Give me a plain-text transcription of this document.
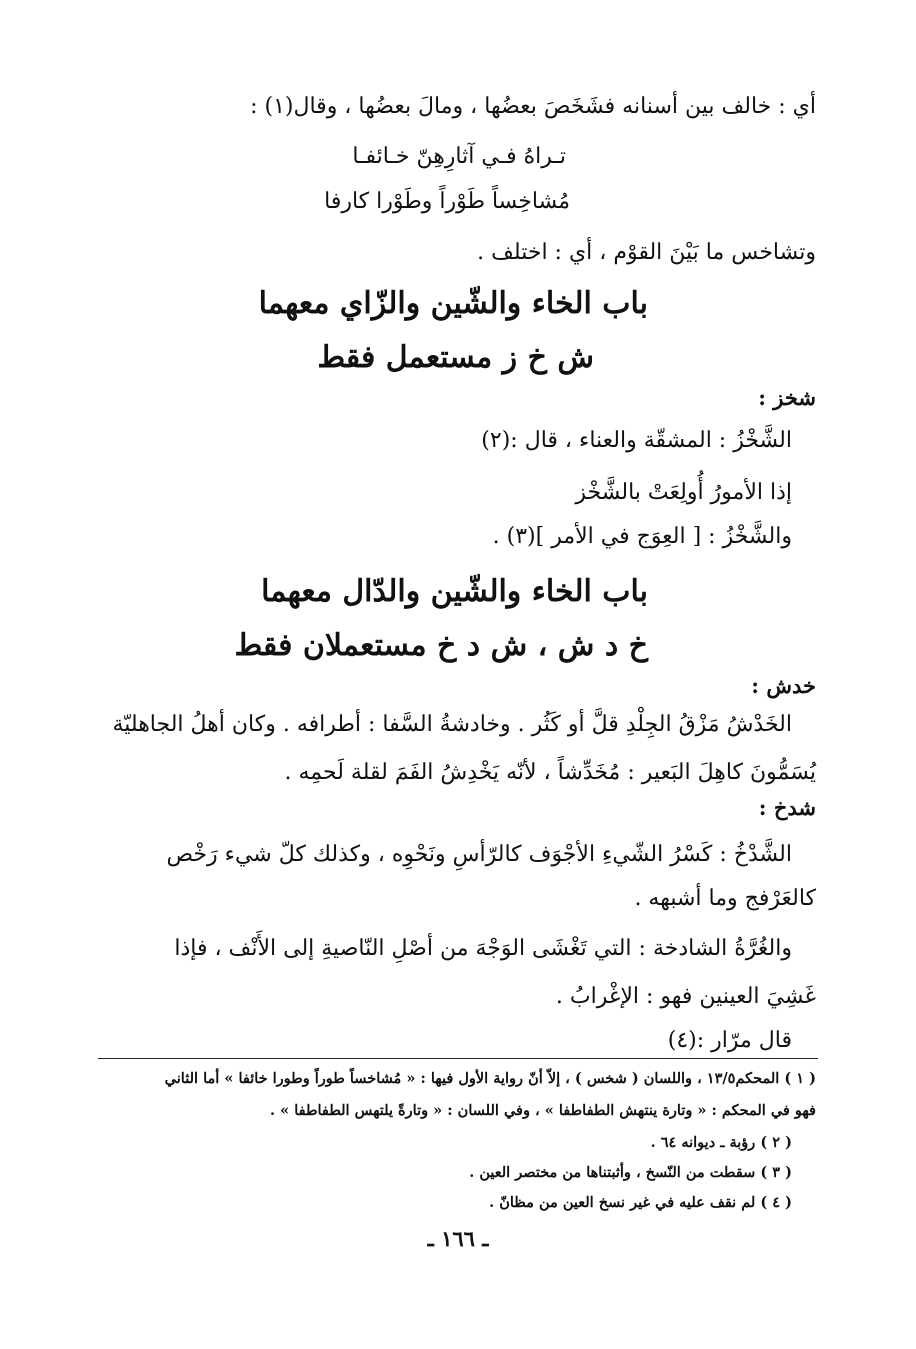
أي : خالف بين أسنانه فشَخَصَ بعضُها ، ومالَ بعضُها ، وقال(١) :
تـراهُ فـي آثارِهِنّ خـائفـا
مُشاخِساً طَوْراً وطَوْرا كارفا
وتشاخس ما بَيْنَ القوْم ، أي : اختلف .
باب الخاء والشّين والزّاي معهما
ش خ ز مستعمل فقط
شخز :
الشَّخْزُ : المشقّة والعناء ، قال :(٢)
إذا الأمورُ أُولِعَتْ بالشَّخْز
والشَّخْزُ : [ العِوَج في الأمر ](٣) .
باب الخاء والشّين والدّال معهما
خ د ش ، ش د خ مستعملان فقط
خدش :
الخَدْشُ مَزْقُ الجِلْدِ قلَّ أو كَثُر . وخادشةُ السَّفا : أطرافه . وكان أهلُ الجاهليّة
يُسَمُّونَ كاهِلَ البَعير : مُخَدِّشاً ، لأنّه يَخْدِشُ الفَمَ لقلة لَحمِه .
شدخ :
الشَّدْخُ : كَسْرُ الشّيءِ الأجْوَف كالرّأسِ ونَحْوِه ، وكذلك كلّ شيء رَخْص
كالعَرْفج وما أشبهه .
والغُرَّةُ الشادخة : التي تَغْشَى الوَجْهَ من أصْلِ النّاصيةِ إلى الأَنْف ، فإذا
غَشِيَ العينين فهو : الإغْرابُ .
قال مرّار :(٤)
( ١ ) المحكم١٣/٥ ، واللسان ( شخس ) ، إلاّ أنّ رواية الأول فيها : « مُشاخساً طوراً وطورا خائفا » أما الثاني
فهو في المحكم : « وتارة ينتهش الطفاطفا » ، وفي اللسان : « وتارةً يلتهس الطفاطفا » .
( ٢ ) رؤبة ـ ديوانه ٦٤ .
( ٣ ) سقطت من النّسخ ، وأثبتناها من مختصر العين .
( ٤ ) لم نقف عليه في غير نسخ العين من مظانّ .
ـ ١٦٦ ـ
